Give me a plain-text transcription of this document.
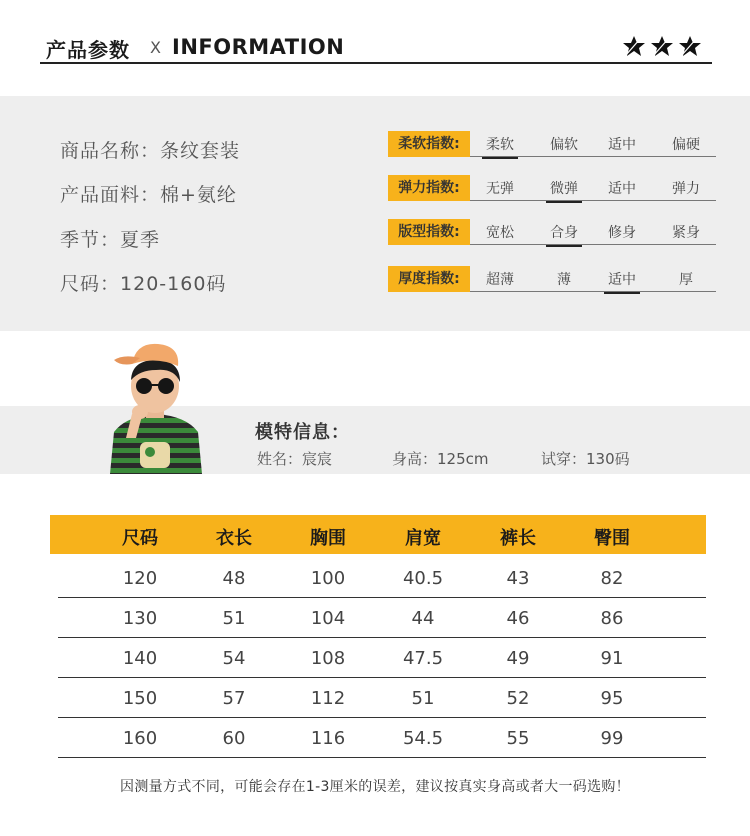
产品参数 X INFORMATION
商品名称：条纹套装
产品面料：棉+氨纶
季节：夏季
尺码：120-160码
柔软指数:	柔软	偏软	适中	偏硬
弹力指数:	无弹	微弹	适中	弹力
版型指数:	宽松	合身	修身	紧身
厚度指数:	超薄	薄	适中	厚
模特信息：
姓名：宸宸	身高：125cm	试穿：130码
尺码	衣长	胸围	肩宽	裤长	臀围
120	48	100	40.5	43	82
130	51	104	44	46	86
140	54	108	47.5	49	91
150	57	112	51	52	95
160	60	116	54.5	55	99
因测量方式不同，可能会存在1-3厘米的误差，建议按真实身高或者大一码选购！
